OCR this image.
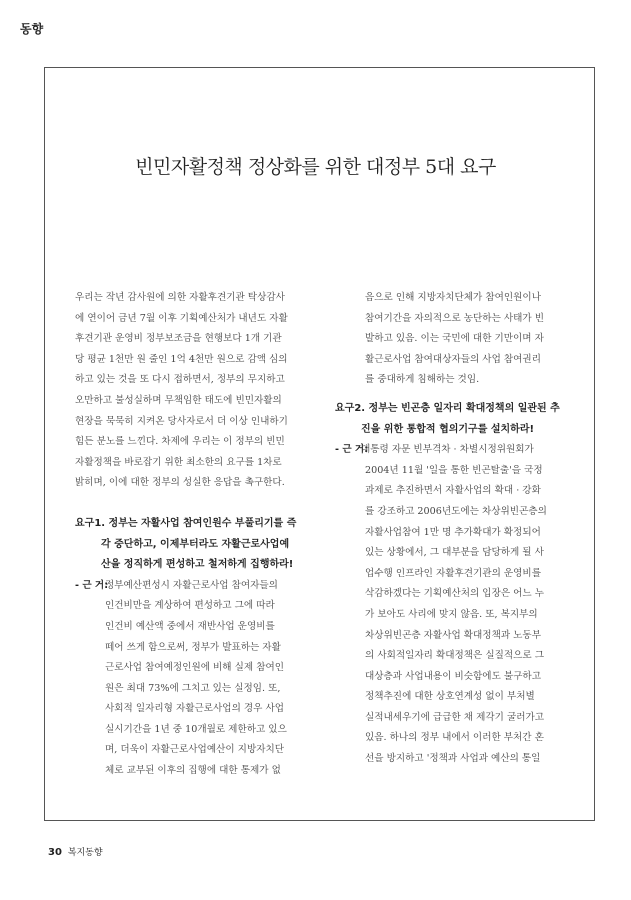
동향
빈민자활정책 정상화를 위한 대정부 5대 요구
우리는 작년 감사원에 의한 자활후견기관 탁상감사
에 연이어 금년 7월 이후 기획예산처가 내년도 자활
후견기관 운영비 정부보조금을 현행보다 1개 기관
당 평균 1천만 원 줄인 1억 4천만 원으로 감액 심의
하고 있는 것을 또 다시 접하면서, 정부의 무지하고
오만하고 불성실하며 무책임한 태도에 빈민자활의
현장을 묵묵히 지켜온 당사자로서 더 이상 인내하기
힘든 분노를 느낀다. 차제에 우리는 이 정부의 빈민
자활정책을 바로잡기 위한 최소한의 요구를 1차로
밝히며, 이에 대한 정부의 성실한 응답을 촉구한다.
요구1. 정부는 자활사업 참여인원수 부풀리기를 즉
각 중단하고, 이제부터라도 자활근로사업예
산을 정직하게 편성하고 철저하게 집행하라!
- 근 거:정부예산편성시 자활근로사업 참여자들의
인건비만을 계상하여 편성하고 그에 따라
인건비 예산액 중에서 재반사업 운영비를
떼어 쓰게 함으로써, 정부가 발표하는 자활
근로사업 참여예정인원에 비해 실제 참여인
원은 최대 73%에 그치고 있는 실정임. 또,
사회적 일자리형 자활근로사업의 경우 사업
실시기간을 1년 중 10개월로 제한하고 있으
며, 더욱이 자활근로사업예산이 지방자치단
체로 교부된 이후의 집행에 대한 통제가 없
음으로 인해 지방자치단체가 참여인원이나
참여기간을 자의적으로 농단하는 사태가 빈
발하고 있음. 이는 국민에 대한 기만이며 자
활근로사업 참여대상자들의 사업 참여권리
를 중대하게 침해하는 것임.
요구2. 정부는 빈곤층 일자리 확대정책의 일관된 추
진을 위한 통합적 협의기구를 설치하라!
- 근 거:대통령 자문 빈부격차 · 차별시정위원회가
2004년 11월 '일을 통한 빈곤탈출'을 국정
과제로 추진하면서 자활사업의 확대 · 강화
를 강조하고 2006년도에는 차상위빈곤층의
자활사업참여 1만 명 추가확대가 확정되어
있는 상황에서, 그 대부분을 담당하게 될 사
업수행 인프라인 자활후견기관의 운영비를
삭감하겠다는 기획예산처의 입장은 어느 누
가 보아도 사리에 맞지 않음. 또, 복지부의
차상위빈곤층 자활사업 확대정책과 노동부
의 사회적일자리 확대정책은 실질적으로 그
대상층과 사업내용이 비슷함에도 불구하고
정책추진에 대한 상호연계성 없이 부처별
실적내세우기에 급급한 채 제각기 굴러가고
있음. 하나의 정부 내에서 이러한 부처간 혼
선을 방지하고 '정책과 사업과 예산의 통일
30 복지동향
